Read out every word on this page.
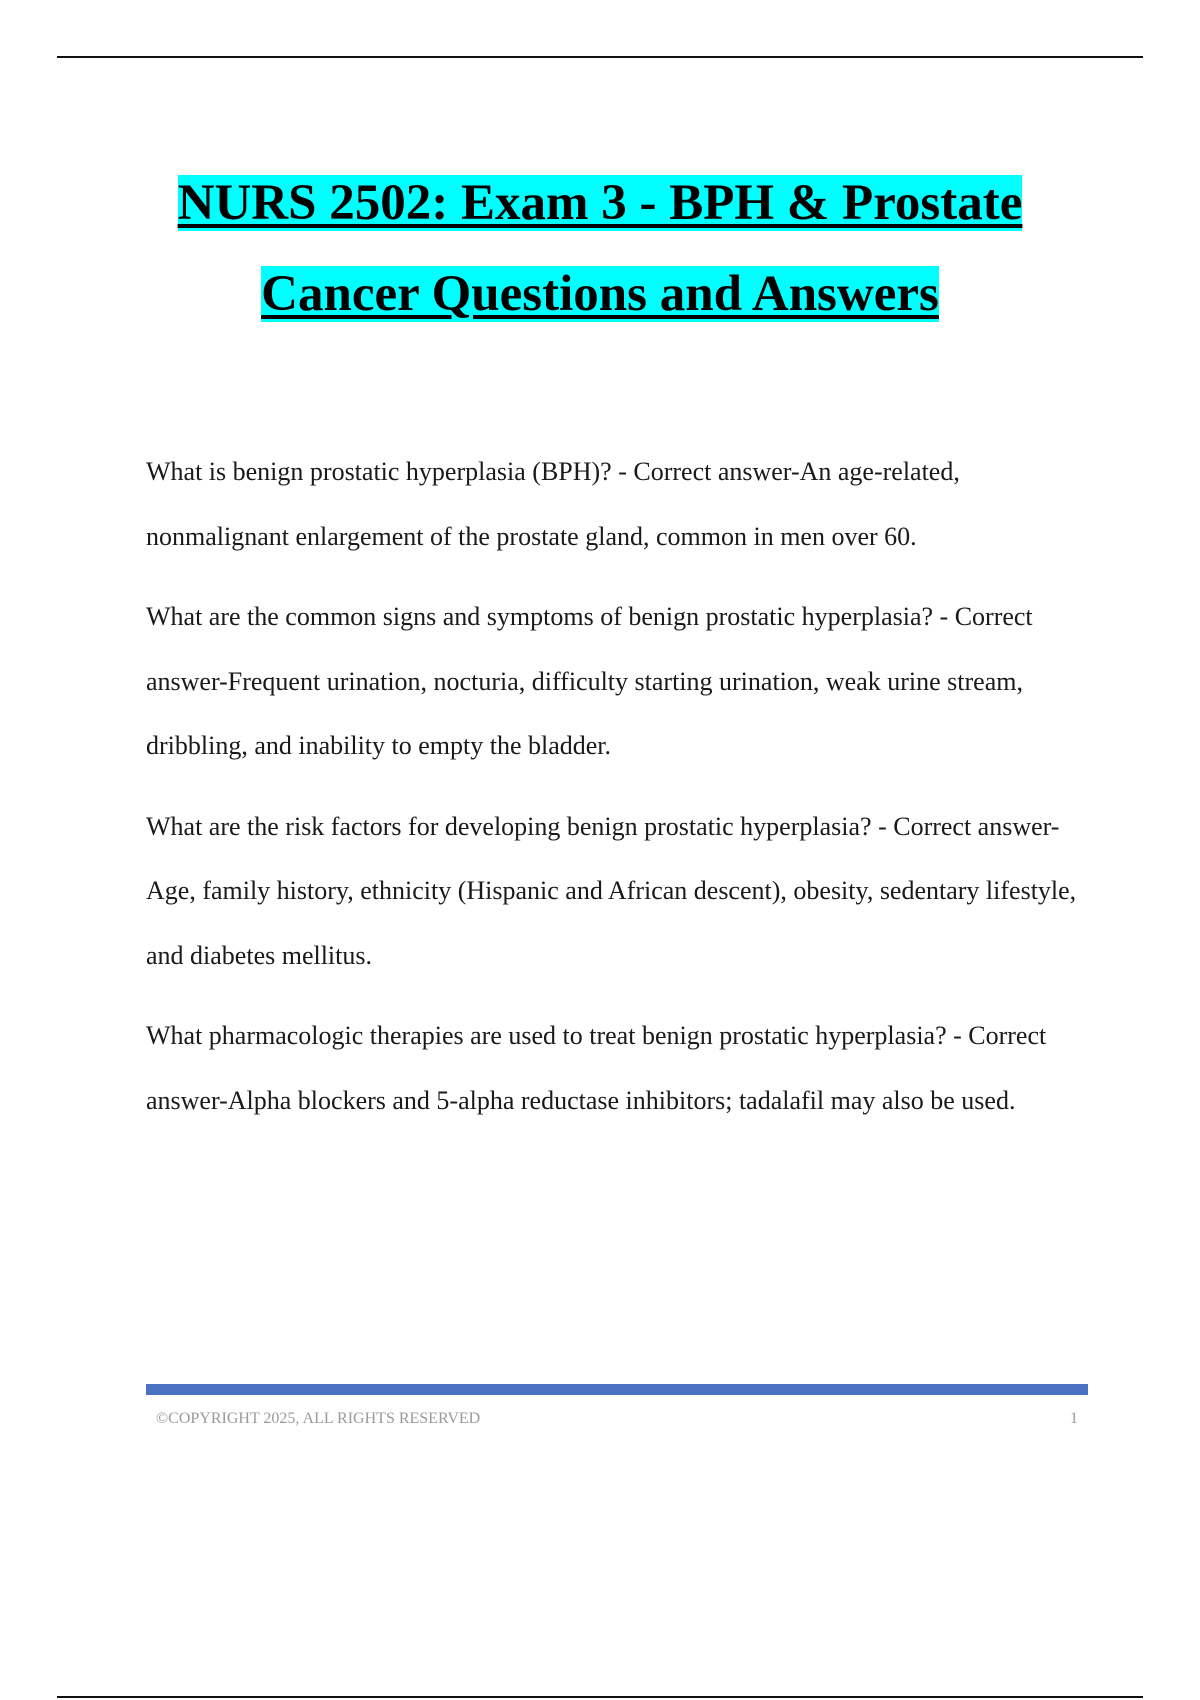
NURS 2502: Exam 3 - BPH & Prostate
Cancer Questions and Answers

What is benign prostatic hyperplasia (BPH)? - Correct answer-An age-related, nonmalignant enlargement of the prostate gland, common in men over 60.

What are the common signs and symptoms of benign prostatic hyperplasia? - Correct answer-Frequent urination, nocturia, difficulty starting urination, weak urine stream, dribbling, and inability to empty the bladder.

What are the risk factors for developing benign prostatic hyperplasia? - Correct answer-Age, family history, ethnicity (Hispanic and African descent), obesity, sedentary lifestyle, and diabetes mellitus.

What pharmacologic therapies are used to treat benign prostatic hyperplasia? - Correct answer-Alpha blockers and 5-alpha reductase inhibitors; tadalafil may also be used.

©COPYRIGHT 2025, ALL RIGHTS RESERVED	1
